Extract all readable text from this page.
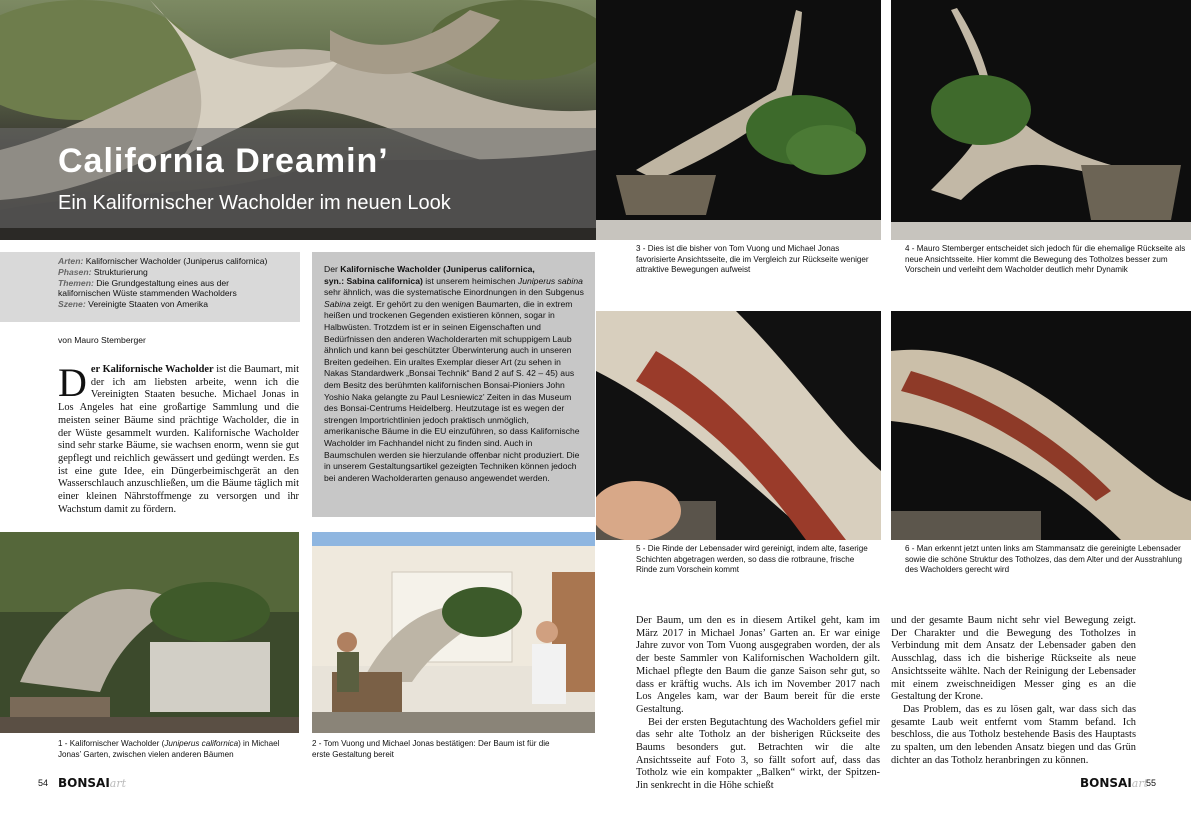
California Dreamin’
Ein Kalifornischer Wacholder im neuen Look
Arten: Kalifornischer Wacholder (Juniperus californica)
Phasen: Strukturierung
Themen: Die Grundgestaltung eines aus der
kalifornischen Wüste stammenden Wacholders
Szene: Vereinigte Staaten von Amerika
von Mauro Stemberger
Der Kalifornische Wacholder ist die Baumart, mit der ich am liebsten arbeite, wenn ich die Vereinigten Staaten besuche. Michael Jonas in Los Angeles hat eine großartige Sammlung und die meisten seiner Bäume sind prächtige Wacholder, die in der Wüste gesammelt wurden. Kalifornische Wacholder sind sehr starke Bäume, sie wachsen enorm, wenn sie gut gepflegt und reichlich gewässert und gedüngt werden. Es ist eine gute Idee, ein Düngerbeimischgerät an den Wasserschlauch anzuschließen, um die Bäume täglich mit einer kleinen Nährstoffmenge zu versorgen und ihr Wachstum damit zu fördern.
Der Kalifornische Wacholder (Juniperus californica,
syn.: Sabina californica) ist unserem heimischen Juniperus sabina sehr ähnlich, was die systematische Einordnungen in den Subgenus Sabina zeigt. Er gehört zu den wenigen Baumarten, die in extrem heißen und trockenen Gegenden existieren können, sogar in Halbwüsten. Trotzdem ist er in seinen Eigenschaften und Bedürfnissen den anderen Wacholderarten mit schuppigem Laub ähnlich und kann bei geschützter Überwinterung auch in unseren Breiten gedeihen. Ein uraltes Exemplar dieser Art (zu sehen in Nakas Standardwerk „Bonsai Technik“ Band 2 auf S. 42 – 45) aus dem Besitz des berühmten kalifornischen Bonsai-Pioniers John Yoshio Naka gelangte zu Paul Lesniewicz’ Zeiten in das Museum des Bonsai-Centrums Heidelberg. Heutzutage ist es wegen der strengen Importrichtlinien jedoch praktisch unmöglich, amerikanische Bäume in die EU einzuführen, so dass Kalifornische Wacholder im Fachhandel nicht zu finden sind. Auch in Baumschulen werden sie hierzulande offenbar nicht produziert. Die in unserem Gestaltungsartikel gezeigten Techniken können jedoch bei anderen Wacholderarten genauso angewendet werden.
1 - Kalifornischer Wacholder (Juniperus californica) in Michael Jonas’ Garten, zwischen vielen anderen Bäumen
2 - Tom Vuong und Michael Jonas bestätigen: Der Baum ist für die erste Gestaltung bereit
3 - Dies ist die bisher von Tom Vuong und Michael Jonas favorisierte Ansichtsseite, die im Vergleich zur Rückseite weniger attraktive Bewegungen aufweist
4 - Mauro Stemberger entscheidet sich jedoch für die ehemalige Rückseite als neue Ansichtsseite. Hier kommt die Bewegung des Totholzes besser zum Vorschein und verleiht dem Wacholder deutlich mehr Dynamik
5 - Die Rinde der Lebensader wird gereinigt, indem alte, faserige Schichten abgetragen werden, so dass die rotbraune, frische Rinde zum Vorschein kommt
6 - Man erkennt jetzt unten links am Stammansatz die gereinigte Lebensader sowie die schöne Struktur des Totholzes, das dem Alter und der Ausstrahlung des Wacholders gerecht wird
Der Baum, um den es in diesem Artikel geht, kam im März 2017 in Michael Jonas’ Garten an. Er war einige Jahre zuvor von Tom Vuong ausgegraben worden, der als der beste Sammler von Kalifornischen Wacholdern gilt. Michael pflegte den Baum die ganze Saison sehr gut, so dass er kräftig wuchs. Als ich im November 2017 nach Los Angeles kam, war der Baum bereit für die erste Gestaltung.
Bei der ersten Begutachtung des Wacholders gefiel mir das sehr alte Totholz an der bisherigen Rückseite des Baums besonders gut. Betrachten wir die alte Ansichtsseite auf Foto 3, so fällt sofort auf, dass das Totholz wie ein kompakter „Balken“ wirkt, der Spitzen-Jin senkrecht in die Höhe schießt
und der gesamte Baum nicht sehr viel Bewegung zeigt. Der Charakter und die Bewegung des Totholzes in Verbindung mit dem Ansatz der Lebensader gaben den Ausschlag, dass ich die bisherige Rückseite als neue Ansichtsseite wählte. Nach der Reinigung der Lebensader mit einem zweischneidigen Messer ging es an die Gestaltung der Krone.
Das Problem, das es zu lösen galt, war dass sich das gesamte Laub weit entfernt vom Stamm befand. Ich beschloss, die aus Totholz bestehende Basis des Hauptasts zu spalten, um den lebenden Ansatz biegen und das Grün dichter an das Totholz heranbringen zu können.
54 BONSAIart	BONSAIart
55
